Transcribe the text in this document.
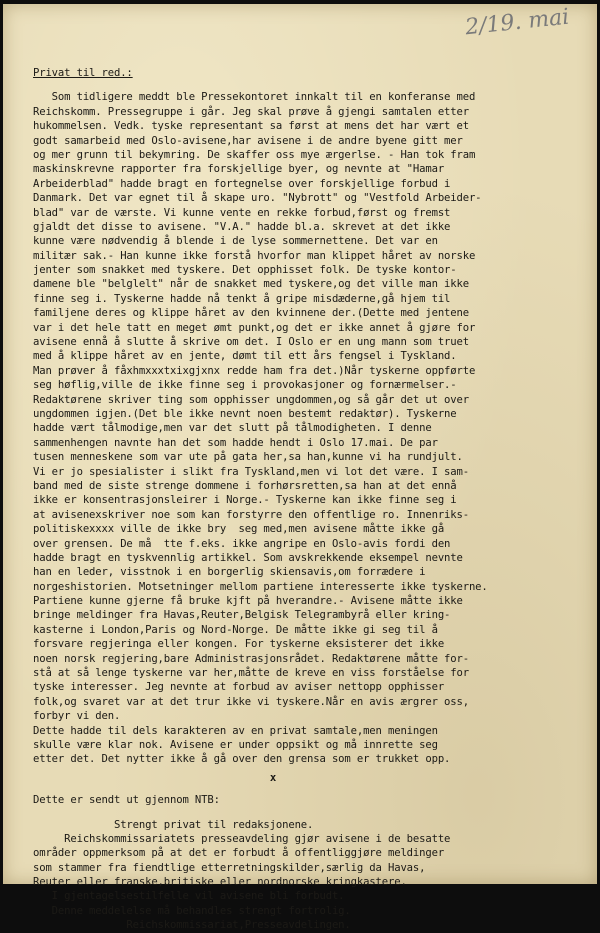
2/19. mai
Privat til red.:
Som tidligere meddt ble Pressekontoret innkalt til en konferanse med
Reichskomm. Pressegruppe i går. Jeg skal prøve å gjengi samtalen etter
hukommelsen. Vedk. tyske representant sa først at mens det har vært et
godt samarbeid med Oslo-avisene,har avisene i de andre byene gitt mer
og mer grunn til bekymring. De skaffer oss mye ærgerlse. - Han tok fram
maskinskrevne rapporter fra forskjellige byer, og nevnte at "Hamar
Arbeiderblad" hadde bragt en fortegnelse over forskjellige forbud i
Danmark. Det var egnet til å skape uro. "Nybrott" og "Vestfold Arbeider-
blad" var de værste. Vi kunne vente en rekke forbud,først og fremst
gjaldt det disse to avisene. "V.A." hadde bl.a. skrevet at det ikke
kunne være nødvendig å blende i de lyse sommernettene. Det var en
militær sak.- Han kunne ikke forstå hvorfor man klippet håret av norske
jenter som snakket med tyskere. Det opphisset folk. De tyske kontor-
damene ble "belglelt" når de snakket med tyskere,og det ville man ikke
finne seg i. Tyskerne hadde nå tenkt å gripe misdæderne,gå hjem til
familjene deres og klippe håret av den kvinnene der.(Dette med jentene
var i det hele tatt en meget ømt punkt,og det er ikke annet å gjøre for
avisene ennå å slutte å skrive om det. I Oslo er en ung mann som truet
med å klippe håret av en jente, dømt til ett års fengsel i Tyskland.
Man prøver å fåxhmxxxtxixgjxnx redde ham fra det.)Når tyskerne oppførte
seg høflig,ville de ikke finne seg i provokasjoner og fornærmelser.-
Redaktørene skriver ting som opphisser ungdommen,og så går det ut over
ungdommen igjen.(Det ble ikke nevnt noen bestemt redaktør). Tyskerne
hadde vært tålmodige,men var det slutt på tålmodigheten. I denne
sammenhengen navnte han det som hadde hendt i Oslo 17.mai. De par
tusen menneskene som var ute på gata her,sa han,kunne vi ha rundjult.
Vi er jo spesialister i slikt fra Tyskland,men vi lot det være. I sam-
band med de siste strenge dommene i forhørsretten,sa han at det ennå
ikke er konsentrasjonsleirer i Norge.- Tyskerne kan ikke finne seg i
at avisenexskriver noe som kan forstyrre den offentlige ro. Innenriks-
politiskexxxx ville de ikke bry  seg med,men avisene måtte ikke gå
over grensen. De må  tte f.eks. ikke angripe en Oslo-avis fordi den
hadde bragt en tyskvennlig artikkel. Som avskrekkende eksempel nevnte
han en leder, visstnok i en borgerlig skiensavis,om forrædere i
norgeshistorien. Motsetninger mellom partiene interesserte ikke tyskerne.
Partiene kunne gjerne få bruke kjft på hverandre.- Avisene måtte ikke
bringe meldinger fra Havas,Reuter,Belgisk Telegrambyrå eller kring-
kasterne i London,Paris og Nord-Norge. De måtte ikke gi seg til å
forsvare regjeringa eller kongen. For tyskerne eksisterer det ikke
noen norsk regjering,bare Administrasjonsrådet. Redaktørene måtte for-
stå at så lenge tyskerne var her,måtte de kreve en viss forståelse for
tyske interesser. Jeg nevnte at forbud av aviser nettopp opphisser
folk,og svaret var at det trur ikke vi tyskere.Når en avis ærgrer oss,
forbyr vi den.
Dette hadde til dels karakteren av en privat samtale,men meningen
skulle være klar nok. Avisene er under oppsikt og må innrette seg
etter det. Det nytter ikke å gå over den grensa som er trukket opp.
x
Dette er sendt ut gjennom NTB:
Strengt privat til redaksjonene.
Reichskommissariatets presseavdeling gjør avisene i de besatte
områder oppmerksom på at det er forbudt å offentliggjøre meldinger
som stammer fra fiendtlige etterretningskilder,særlig da Havas,
Reuter eller franske,britiske eller nordnorske kringkastere.
I gjentagelsestilfelle vil avisene bli forbudt.
Denne meddelelse må behandles strengt fortrolig.
Reichskommissariat,Presseavdelingen.
